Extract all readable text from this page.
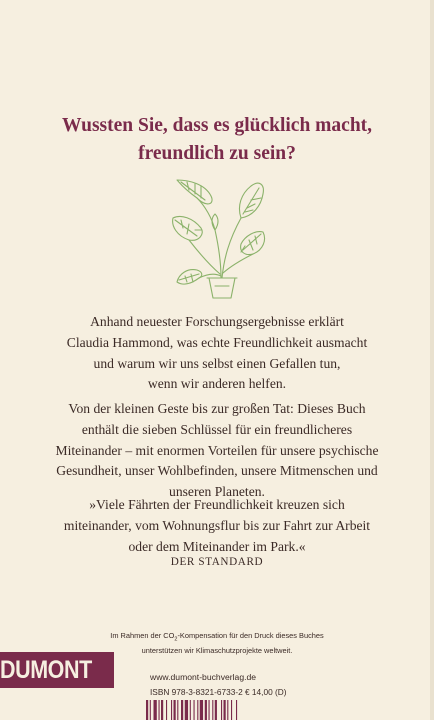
Wussten Sie, dass es glücklich macht,
freundlich zu sein?
Anhand neuester Forschungsergebnisse erklärt
Claudia Hammond, was echte Freundlichkeit ausmacht
und warum wir uns selbst einen Gefallen tun,
wenn wir anderen helfen.
Von der kleinen Geste bis zur großen Tat: Dieses Buch
enthält die sieben Schlüssel für ein freundlicheres
Miteinander – mit enormen Vorteilen für unsere psychische
Gesundheit, unser Wohlbefinden, unsere Mitmenschen und
unseren Planeten.
»Viele Fährten der Freundlichkeit kreuzen sich
miteinander, vom Wohnungsflur bis zur Fahrt zur Arbeit
oder dem Miteinander im Park.«
DER STANDARD
Im Rahmen der $CO_2$-Kompensation für den Druck dieses Buches
unterstützen wir Klimaschutzprojekte weltweit.
DUMONT	www.dumont-buchverlag.de
ISBN 978-3-8321-6733-2 € 14,00 (D)
